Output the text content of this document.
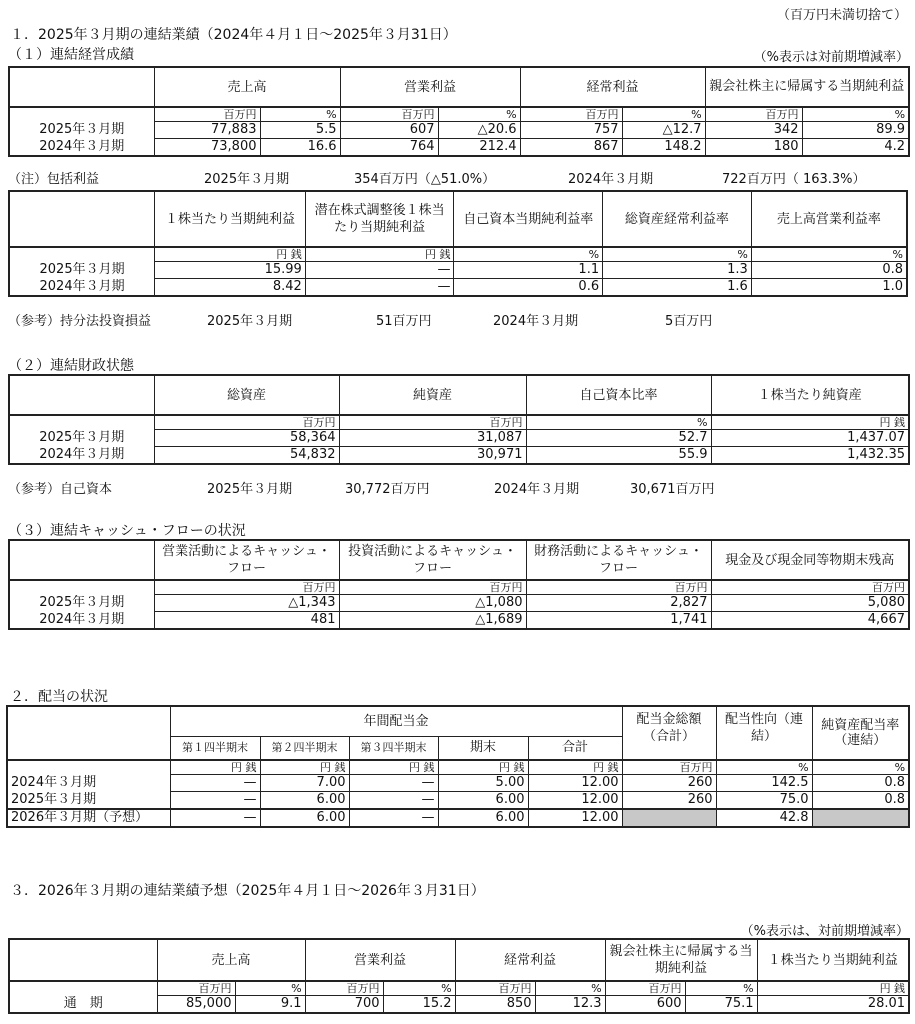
（百万円未満切捨て）
１．2025年３月期の連結業績（2024年４月１日～2025年３月31日）
（１）連結経営成績	（%表示は対前期増減率）
	売上高		営業利益		経常利益		親会社株主に帰属する当期純利益	
	百万円	%	百万円	%	百万円	%	百万円	%
2025年３月期	77,883	5.5	607	△20.6	757	△12.7	342	89.9
2024年３月期	73,800	16.6	764	212.4	867	148.2	180	4.2
（注）包括利益	2025年３月期	354百万円（△51.0%）	2024年３月期	722百万円（ 163.3%）
	１株当たり当期純利益	潜在株式調整後１株当たり当期純利益	自己資本当期純利益率	総資産経常利益率	売上高営業利益率
	円 銭	円 銭	%	%	%
2025年３月期	15.99	—	1.1	1.3	0.8
2024年３月期	8.42	—	0.6	1.6	1.0
（参考）持分法投資損益	2025年３月期	51百万円	2024年３月期	5百万円
（２）連結財政状態
	総資産	純資産	自己資本比率	１株当たり純資産
	百万円	百万円	%	円 銭
2025年３月期	58,364	31,087	52.7	1,437.07
2024年３月期	54,832	30,971	55.9	1,432.35
（参考）自己資本	2025年３月期	30,772百万円	2024年３月期	30,671百万円
（３）連結キャッシュ・フローの状況
	営業活動によるキャッシュ・フロー	投資活動によるキャッシュ・フロー	財務活動によるキャッシュ・フロー	現金及び現金同等物期末残高
	百万円	百万円	百万円	百万円
2025年３月期	△1,343	△1,080	2,827	5,080
2024年３月期	481	△1,689	1,741	4,667
２．配当の状況
	年間配当金					配当金総額（合計）	配当性向（連結）	純資産配当率（連結）
	第１四半期末	第２四半期末	第３四半期末	期末	合計			
	円 銭	円 銭	円 銭	円 銭	円 銭	百万円	%	%
2024年３月期	—	7.00	—	5.00	12.00	260	142.5	0.8
2025年３月期	—	6.00	—	6.00	12.00	260	75.0	0.8
2026年３月期（予想）	—	6.00	—	6.00	12.00		42.8	
３．2026年３月期の連結業績予想（2025年４月１日～2026年３月31日）
（%表示は、対前期増減率）
	売上高		営業利益		経常利益		親会社株主に帰属する当期純利益		１株当たり当期純利益
	百万円	%	百万円	%	百万円	%	百万円	%	円 銭
通　期	85,000	9.1	700	15.2	850	12.3	600	75.1	28.01
